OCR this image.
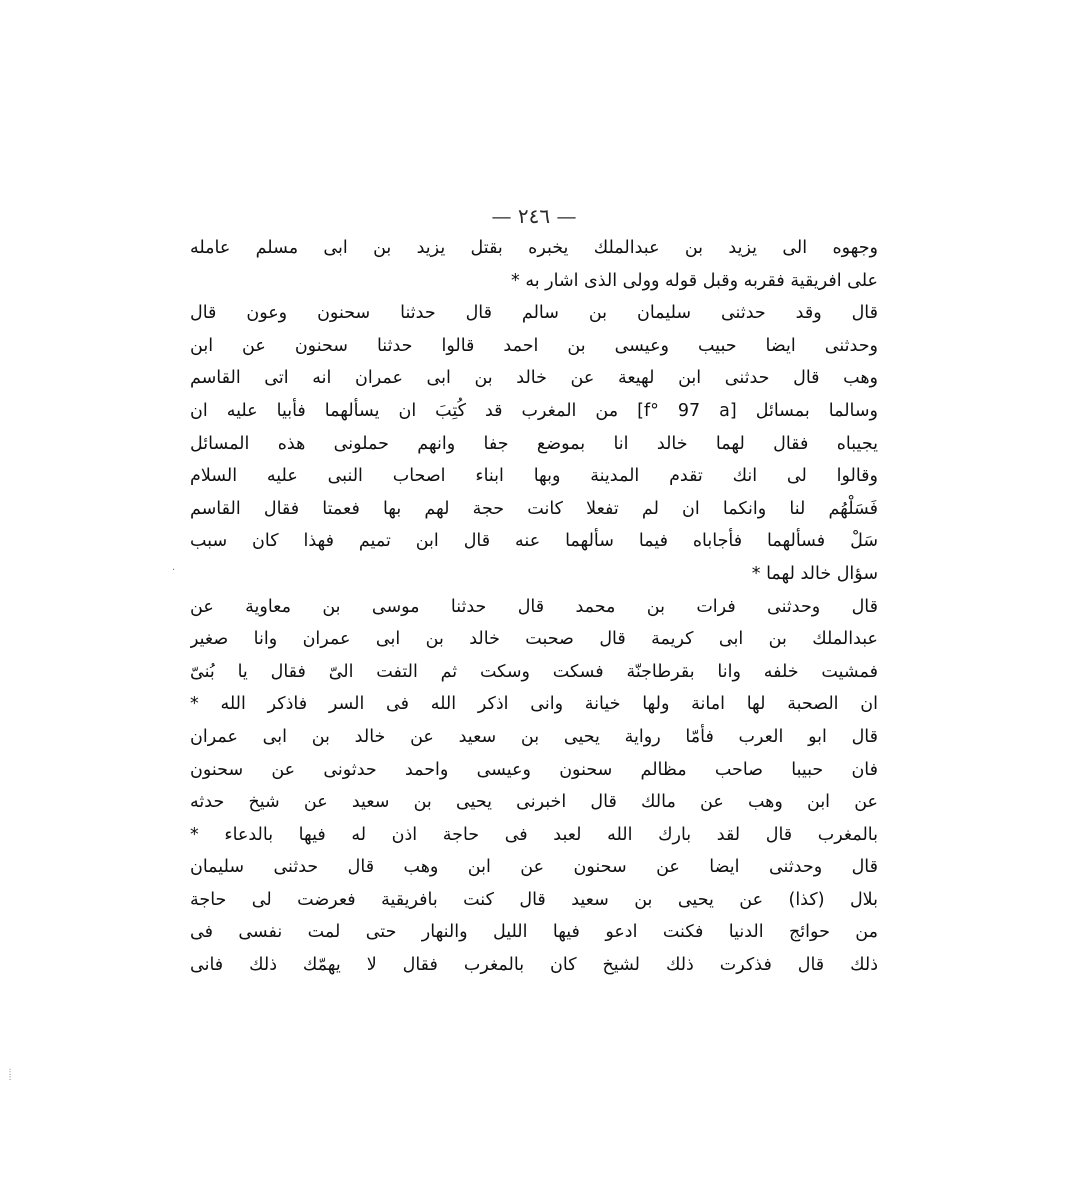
— ٢٤٦ —
وجهوه الى يزيد بن عبدالملك يخبره بقتل يزيد بن ابى مسلم عامله
على افريقية فقربه وقبل قوله وولى الذى اشار به *
قال وقد حدثنى سليمان بن سالم قال حدثنا سحنون وعون قال
وحدثنى ايضا حبيب وعيسى بن احمد قالوا حدثنا سحنون عن ابن
وهب قال حدثنى ابن لهيعة عن خالد بن ابى عمران انه اتى القاسم
وسالما بمسائل [f° 97 a] من المغرب قد كُتِبَ ان يسألهما فأبيا عليه ان
يجيباه فقال لهما خالد انا بموضع جفا وانهم حملونى هذه المسائل
وقالوا لى انك تقدم المدينة وبها ابناء اصحاب النبى عليه السلام
فَسَلْهُم لنا وانكما ان لم تفعلا كانت حجة لهم بها فعمتا فقال القاسم
سَلْ فسألهما فأجاباه فيما سألهما عنه قال ابن تميم فهذا كان سبب
سؤال خالد لهما *
قال وحدثنى فرات بن محمد قال حدثنا موسى بن معاوية عن
عبدالملك بن ابى كريمة قال صحبت خالد بن ابى عمران وانا صغير
فمشيت خلفه وانا بقرطاجنّة فسكت وسكت ثم التفت الىّ فقال يا بُنىّ
ان الصحبة لها امانة ولها خيانة وانى اذكر الله فى السر فاذكر الله *
قال ابو العرب فأمّا رواية يحيى بن سعيد عن خالد بن ابى عمران
فان حبيبا صاحب مظالم سحنون وعيسى واحمد حدثونى عن سحنون
عن ابن وهب عن مالك قال اخبرنى يحيى بن سعيد عن شيخ حدثه
بالمغرب قال لقد بارك الله لعبد فى حاجة اذن له فيها بالدعاء *
قال وحدثنى ايضا عن سحنون عن ابن وهب قال حدثنى سليمان
بلال (كذا) عن يحيى بن سعيد قال كنت بافريقية فعرضت لى حاجة
من حوائج الدنيا فكنت ادعو فيها الليل والنهار حتى لمت نفسى فى
ذلك قال فذكرت ذلك لشيخ كان بالمغرب فقال لا يهمّك ذلك فانى
·
·····
